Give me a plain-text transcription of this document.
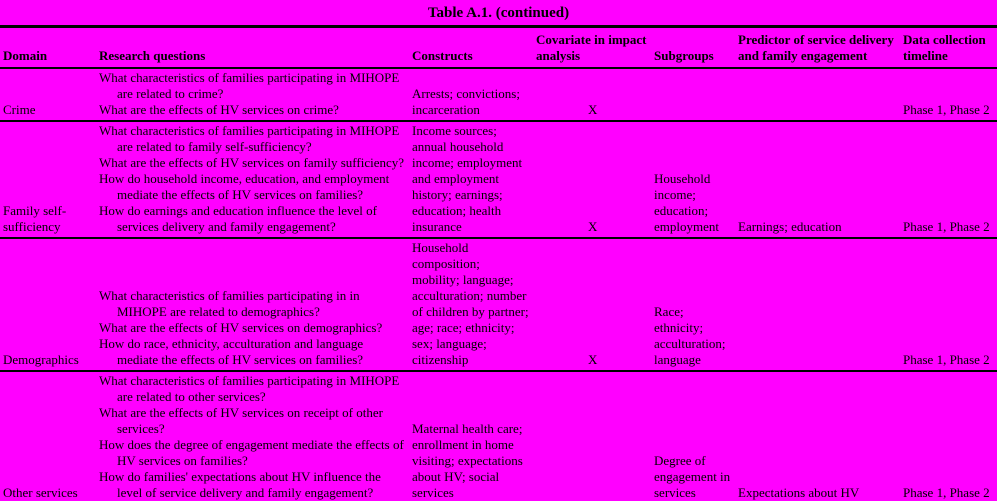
Table A.1. (continued)
Domain	Research questions	Constructs	Covariate in impact analysis	Subgroups	Predictor of service delivery and family engagement	Data collection timeline
Crime	What characteristics of families participating in MIHOPE are related to crime?
What are the effects of HV services on crime?	Arrests; convictions; incarceration	X			Phase 1, Phase 2
Family self-sufficiency	What characteristics of families participating in MIHOPE are related to family self-sufficiency?
What are the effects of HV services on family sufficiency?
How do household income, education, and employment mediate the effects of HV services on families?
How do earnings and education influence the level of services delivery and family engagement?	Income sources; annual household income; employment and employment history; earnings; education; health insurance	X	Household income; education; employment	Earnings; education	Phase 1, Phase 2
Demographics	What characteristics of families participating in in MIHOPE are related to demographics?
What are the effects of HV services on demographics?
How do race, ethnicity, acculturation and language mediate the effects of HV services on families?	Household composition; mobility; language; acculturation; number of children by partner; age; race; ethnicity; sex; language; citizenship	X	Race; ethnicity; acculturation; language		Phase 1, Phase 2
Other services	What characteristics of families participating in MIHOPE are related to other services?
What are the effects of HV services on receipt of other services?
How does the degree of engagement mediate the effects of HV services on families?
How do families' expectations about HV influence the level of service delivery and family engagement?	Maternal health care; enrollment in home visiting; expectations about HV; social services		Degree of engagement in services	Expectations about HV	Phase 1, Phase 2
